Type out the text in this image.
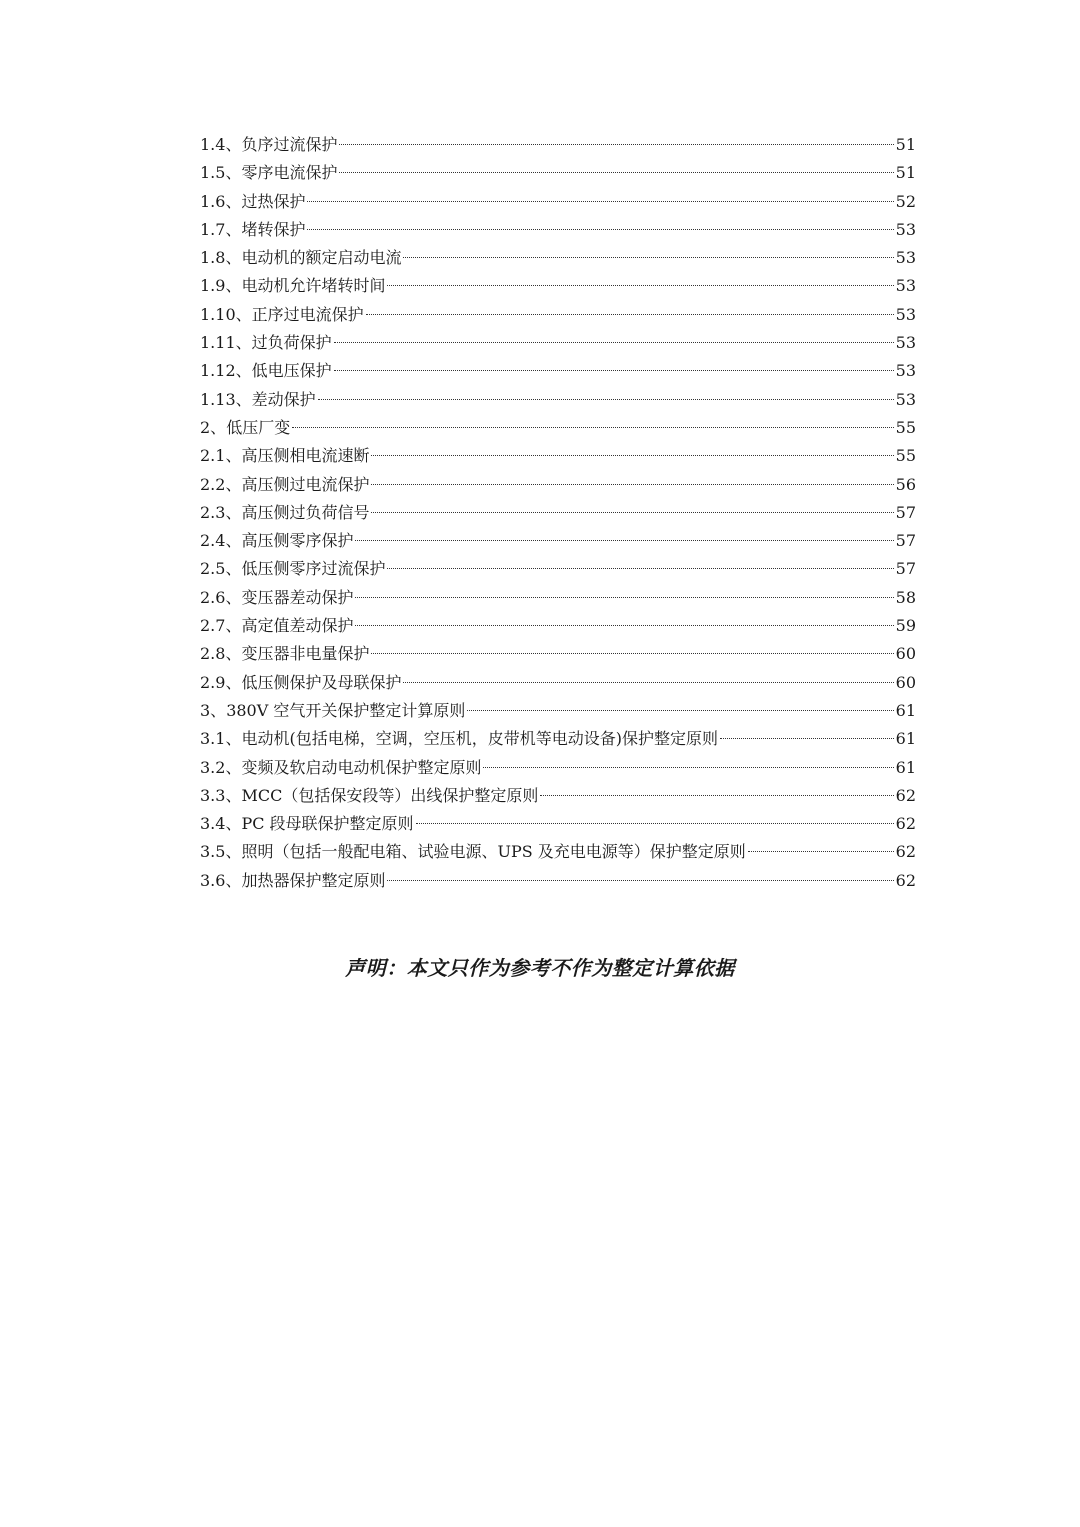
1.4、 负序过流保护	51
1.5、 零序电流保护	51
1.6、 过热保护	52
1.7、 堵转保护	53
1.8、 电动机的额定启动电流	53
1.9、 电动机允许堵转时间	53
1.10、 正序过电流保护	53
1.11、 过负荷保护	53
1.12、 低电压保护	53
1.13、 差动保护	53
2、 低压厂变	55
2.1、 高压侧相电流速断	55
2.2、 高压侧过电流保护	56
2.3、 高压侧过负荷信号	57
2.4、 高压侧零序保护	57
2.5、 低压侧零序过流保护	57
2.6、 变压器差动保护	58
2.7、 高定值差动保护	59
2.8、 变压器非电量保护	60
2.9、 低压侧保护及母联保护	60
3、 380V 空气开关保护整定计算原则	61
3.1、 电动机(包括电梯，空调，空压机，皮带机等电动设备)保护整定原则	61
3.2、 变频及软启动电动机保护整定原则	61
3.3、 MCC（包括保安段等）出线保护整定原则	62
3.4、 PC 段母联保护整定原则	62
3.5、 照明（包括一般配电箱、试验电源、UPS 及充电电源等）保护整定原则	62
3.6、 加热器保护整定原则	62
声明：本文只作为参考不作为整定计算依据
